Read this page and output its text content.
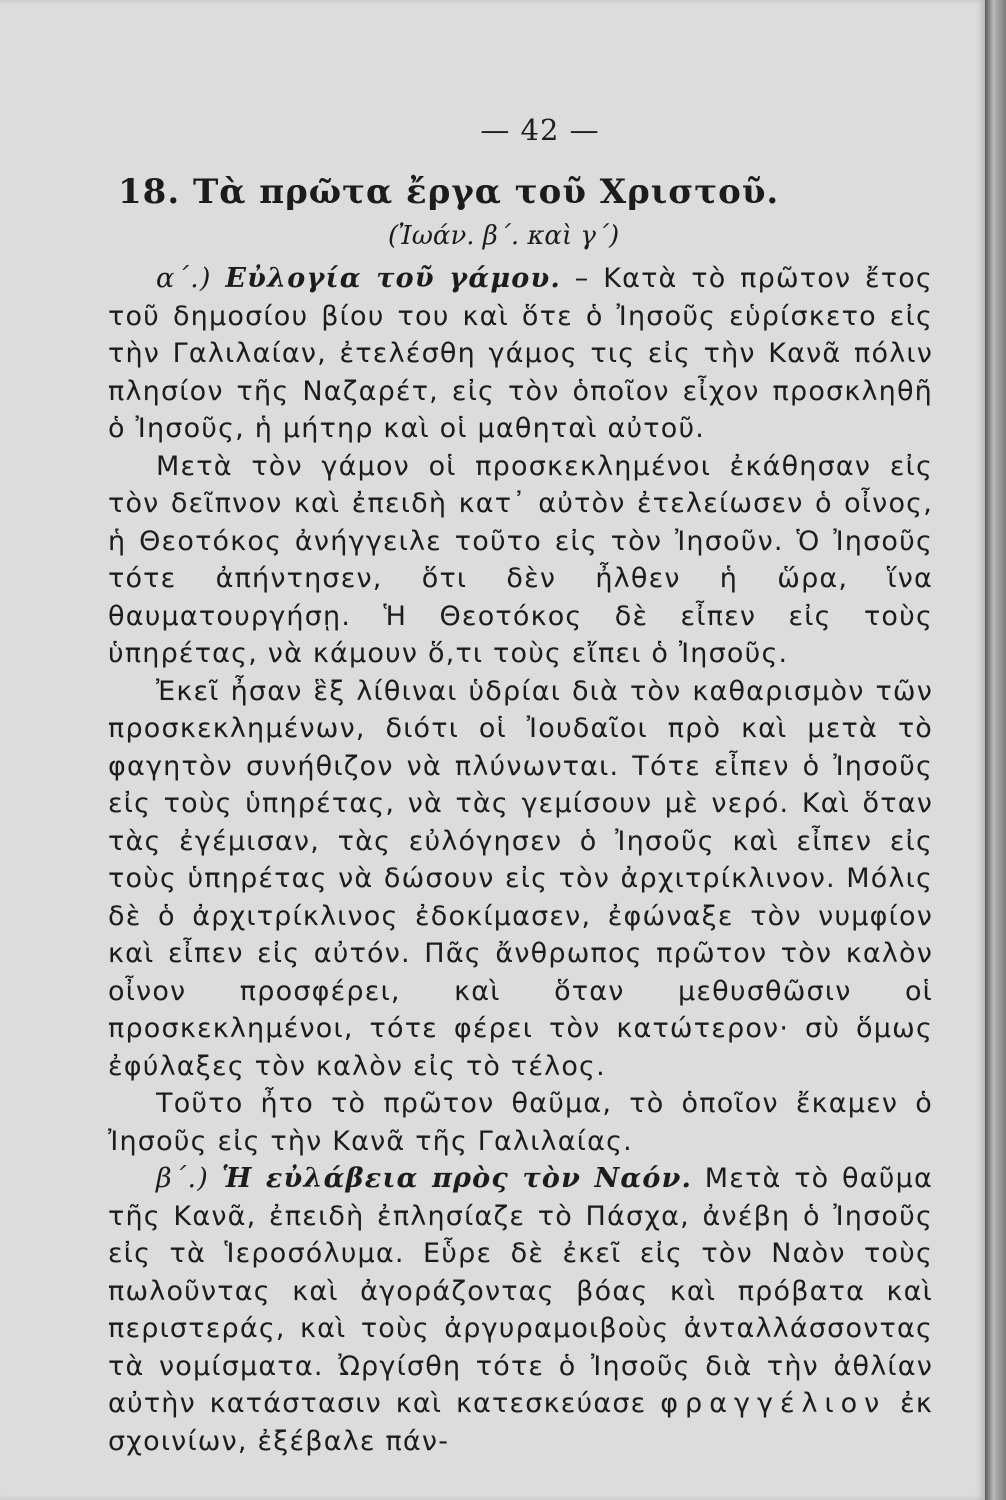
— 42 —
18. Τὰ πρῶτα ἔργα τοῦ Χριστοῦ.
(Ἰωάν. β΄. καὶ γ΄)

α΄.) Εὐλογία τοῦ γάμου. – Κατὰ τὸ πρῶτον ἔτος τοῦ δημοσίου βίου του καὶ ὅτε ὁ Ἰησοῦς εὑρίσκετο εἰς τὴν Γαλιλαίαν, ἐτελέσθη γάμος τις εἰς τὴν Κανᾶ πόλιν πλησίον τῆς Ναζαρέτ, εἰς τὸν ὁποῖον εἶχον προσκληθῆ ὁ Ἰησοῦς, ἡ μήτηρ καὶ οἱ μαθηταὶ αὐτοῦ.

Μετὰ τὸν γάμον οἱ προσκεκλημένοι ἐκάθησαν εἰς τὸν δεῖπνον καὶ ἐπειδὴ κατ᾽ αὐτὸν ἐτελείωσεν ὁ οἶνος, ἡ Θεοτόκος ἀνήγγειλε τοῦτο εἰς τὸν Ἰησοῦν. Ὁ Ἰησοῦς τότε ἀπήντησεν, ὅτι δὲν ἦλθεν ἡ ὥρα, ἵνα θαυματουργήσῃ. Ἡ Θεοτόκος δὲ εἶπεν εἰς τοὺς ὑπηρέτας, νὰ κάμουν ὅ,τι τοὺς εἴπει ὁ Ἰησοῦς.

Ἐκεῖ ἦσαν ἓξ λίθιναι ὑδρίαι διὰ τὸν καθαρισμὸν τῶν προσκεκλημένων, διότι οἱ Ἰουδαῖοι πρὸ καὶ μετὰ τὸ φαγητὸν συνήθιζον νὰ πλύνωνται. Τότε εἶπεν ὁ Ἰησοῦς εἰς τοὺς ὑπηρέτας, νὰ τὰς γεμίσουν μὲ νερό. Καὶ ὅταν τὰς ἐγέμισαν, τὰς εὐλόγησεν ὁ Ἰησοῦς καὶ εἶπεν εἰς τοὺς ὑπηρέτας νὰ δώσουν εἰς τὸν ἀρχιτρίκλινον. Μόλις δὲ ὁ ἀρχιτρίκλινος ἐδοκίμασεν, ἐφώναξε τὸν νυμφίον καὶ εἶπεν εἰς αὐτόν. Πᾶς ἄνθρωπος πρῶτον τὸν καλὸν οἶνον προσφέρει, καὶ ὅταν μεθυσθῶσιν οἱ προσκεκλημένοι, τότε φέρει τὸν κατώτερον· σὺ ὅμως ἐφύλαξες τὸν καλὸν εἰς τὸ τέλος.

Τοῦτο ἦτο τὸ πρῶτον θαῦμα, τὸ ὁποῖον ἔκαμεν ὁ Ἰησοῦς εἰς τὴν Κανᾶ τῆς Γαλιλαίας.

β΄.) Ἡ εὐλάβεια πρὸς τὸν Ναόν. Μετὰ τὸ θαῦμα τῆς Κανᾶ, ἐπειδὴ ἐπλησίαζε τὸ Πάσχα, ἀνέβη ὁ Ἰησοῦς εἰς τὰ Ἱεροσόλυμα. Εὗρε δὲ ἐκεῖ εἰς τὸν Ναὸν τοὺς πωλοῦντας καὶ ἀγοράζοντας βόας καὶ πρόβατα καὶ περιστεράς, καὶ τοὺς ἀργυραμοιβοὺς ἀνταλλάσσοντας τὰ νομίσματα. Ὠργίσθη τότε ὁ Ἰησοῦς διὰ τὴν ἀθλίαν αὐτὴν κατάστασιν καὶ κατεσκεύασε φραγγέλιον ἐκ σχοινίων, ἐξέβαλε πάν-
